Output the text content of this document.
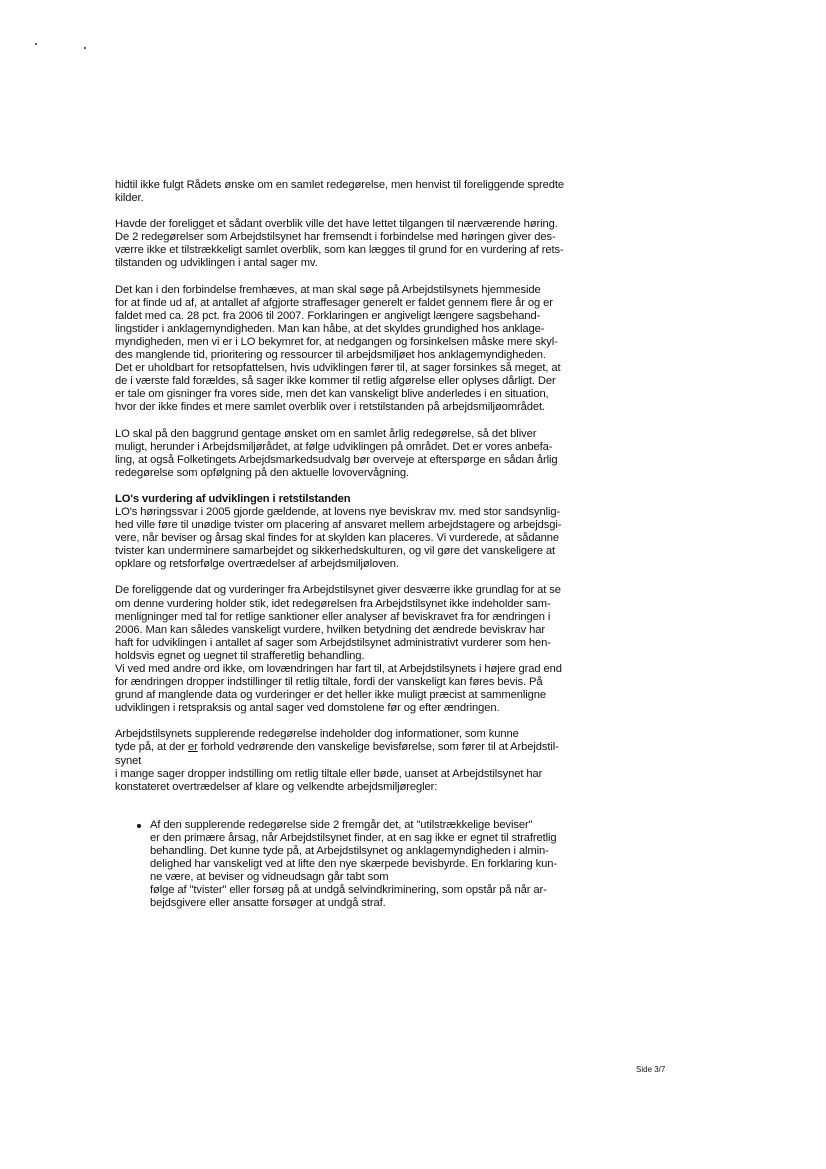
hidtil ikke fulgt Rådets ønske om en samlet redegørelse, men henvist til foreliggende spredte
kilder.
Havde der foreligget et sådant overblik ville det have lettet tilgangen til nærværende høring.
De 2 redegørelser som Arbejdstilsynet har fremsendt i forbindelse med høringen giver des-
værre ikke et tilstrækkeligt samlet overblik, som kan lægges til grund for en vurdering af rets-
tilstanden og udviklingen i antal sager mv.
Det kan i den forbindelse fremhæves, at man skal søge på Arbejdstilsynets hjemmeside
for at finde ud af, at antallet af afgjorte straffesager generelt er faldet gennem flere år og er
faldet med ca. 28 pct. fra 2006 til 2007. Forklaringen er angiveligt længere sagsbehand-
lingstider i anklagemyndigheden. Man kan håbe, at det skyldes grundighed hos anklage-
myndigheden, men vi er i LO bekymret for, at nedgangen og forsinkelsen måske mere skyl-
des manglende tid, prioritering og ressourcer til arbejdsmiljøet hos anklagemyndigheden.
Det er uholdbart for retsopfattelsen, hvis udviklingen fører til, at sager forsinkes så meget, at
de i værste fald forældes, så sager ikke kommer til retlig afgørelse eller oplyses dårligt. Der
er tale om gisninger fra vores side, men det kan vanskeligt blive anderledes i en situation,
hvor der ikke findes et mere samlet overblik over i retstilstanden på arbejdsmiljøområdet.
LO skal på den baggrund gentage ønsket om en samlet årlig redegørelse, så det bliver
muligt, herunder i Arbejdsmiljørådet, at følge udviklingen på området. Det er vores anbefa-
ling, at også Folketingets Arbejdsmarkedsudvalg bør overveje at efterspørge en sådan årlig
redegørelse som opfølgning på den aktuelle lovovervågning.
LO's vurdering af udviklingen i retstilstanden
LO's høringssvar i 2005 gjorde gældende, at lovens nye beviskrav mv. med stor sandsynlig-
hed ville føre til unødige tvister om placering af ansvaret mellem arbejdstagere og arbejdsgi-
vere, når beviser og årsag skal findes for at skylden kan placeres. Vi vurderede, at sådanne
tvister kan underminere samarbejdet og sikkerhedskulturen, og vil gøre det vanskeligere at
opklare og retsforfølge overtrædelser af arbejdsmiljøloven.
De foreliggende dat og vurderinger fra Arbejdstilsynet giver desværre ikke grundlag for at se
om denne vurdering holder stik, idet redegørelsen fra Arbejdstilsynet ikke indeholder sam-
menligninger med tal for retlige sanktioner eller analyser af beviskravet fra for ændringen i
2006. Man kan således vanskeligt vurdere, hvilken betydning det ændrede beviskrav har
haft for udviklingen i antallet af sager som Arbejdstilsynet administrativt vurderer som hen-
holdsvis egnet og uegnet til strafferetlig behandling.
Vi ved med andre ord ikke, om lovændringen har fart til, at Arbejdstilsynets i højere grad end
for ændringen dropper indstillinger til retlig tiltale, fordi der vanskeligt kan føres bevis. På
grund af manglende data og vurderinger er det heller ikke muligt præcist at sammenligne
udviklingen i retspraksis og antal sager ved domstolene før og efter ændringen.
Arbejdstilsynets supplerende redegørelse indeholder dog informationer, som kunne
tyde på, at der er forhold vedrørende den vanskelige bevisførelse, som fører til at Arbejdstil-
synet
i mange sager dropper indstilling om retlig tiltale eller bøde, uanset at Arbejdstilsynet har
konstateret overtrædelser af klare og velkendte arbejdsmiljøregler:
Af den supplerende redegørelse side 2 fremgår det, at "utilstrækkelige beviser"
er den primære årsag, når Arbejdstilsynet finder, at en sag ikke er egnet til strafretlig
behandling. Det kunne tyde på, at Arbejdstilsynet og anklagemyndigheden i almin-
delighed har vanskeligt ved at lifte den nye skærpede bevisbyrde. En forklaring kun-
ne være, at beviser og vidneudsagn går tabt som
følge af "tvister" eller forsøg på at undgå selvindkriminering, som opstår på når ar-
bejdsgivere eller ansatte forsøger at undgå straf.
Side 3/7
